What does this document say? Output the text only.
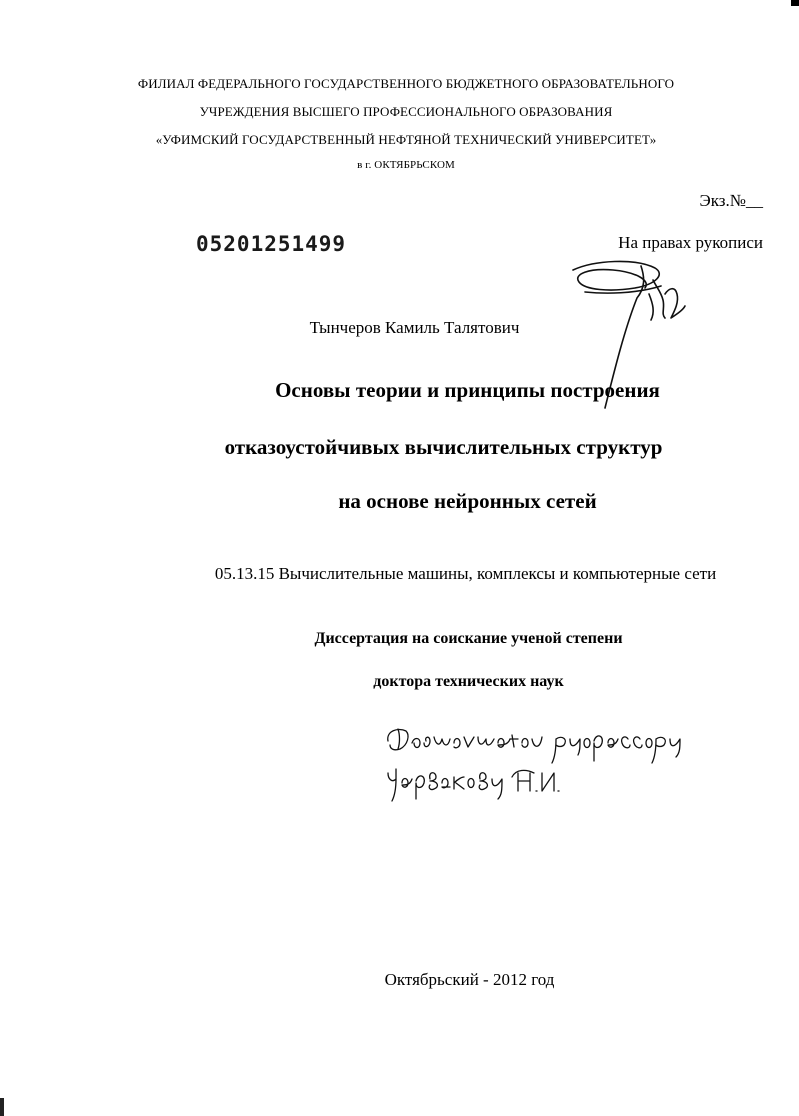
ФИЛИАЛ ФЕДЕРАЛЬНОГО ГОСУДАРСТВЕННОГО БЮДЖЕТНОГО ОБРАЗОВАТЕЛЬНОГО
УЧРЕЖДЕНИЯ ВЫСШЕГО ПРОФЕССИОНАЛЬНОГО ОБРАЗОВАНИЯ
«УФИМСКИЙ ГОСУДАРСТВЕННЫЙ НЕФТЯНОЙ ТЕХНИЧЕСКИЙ УНИВЕРСИТЕТ»
в г. ОКТЯБРЬСКОМ
Экз.№__
05201251499	На правах рукописи
Тынчеров Камиль Талятович
Основы теории и принципы построения
отказоустойчивых вычислительных структур
на основе нейронных сетей
05.13.15 Вычислительные машины, комплексы и компьютерные сети
Диссертация на соискание ученой степени
доктора технических наук
Октябрьский - 2012 год
